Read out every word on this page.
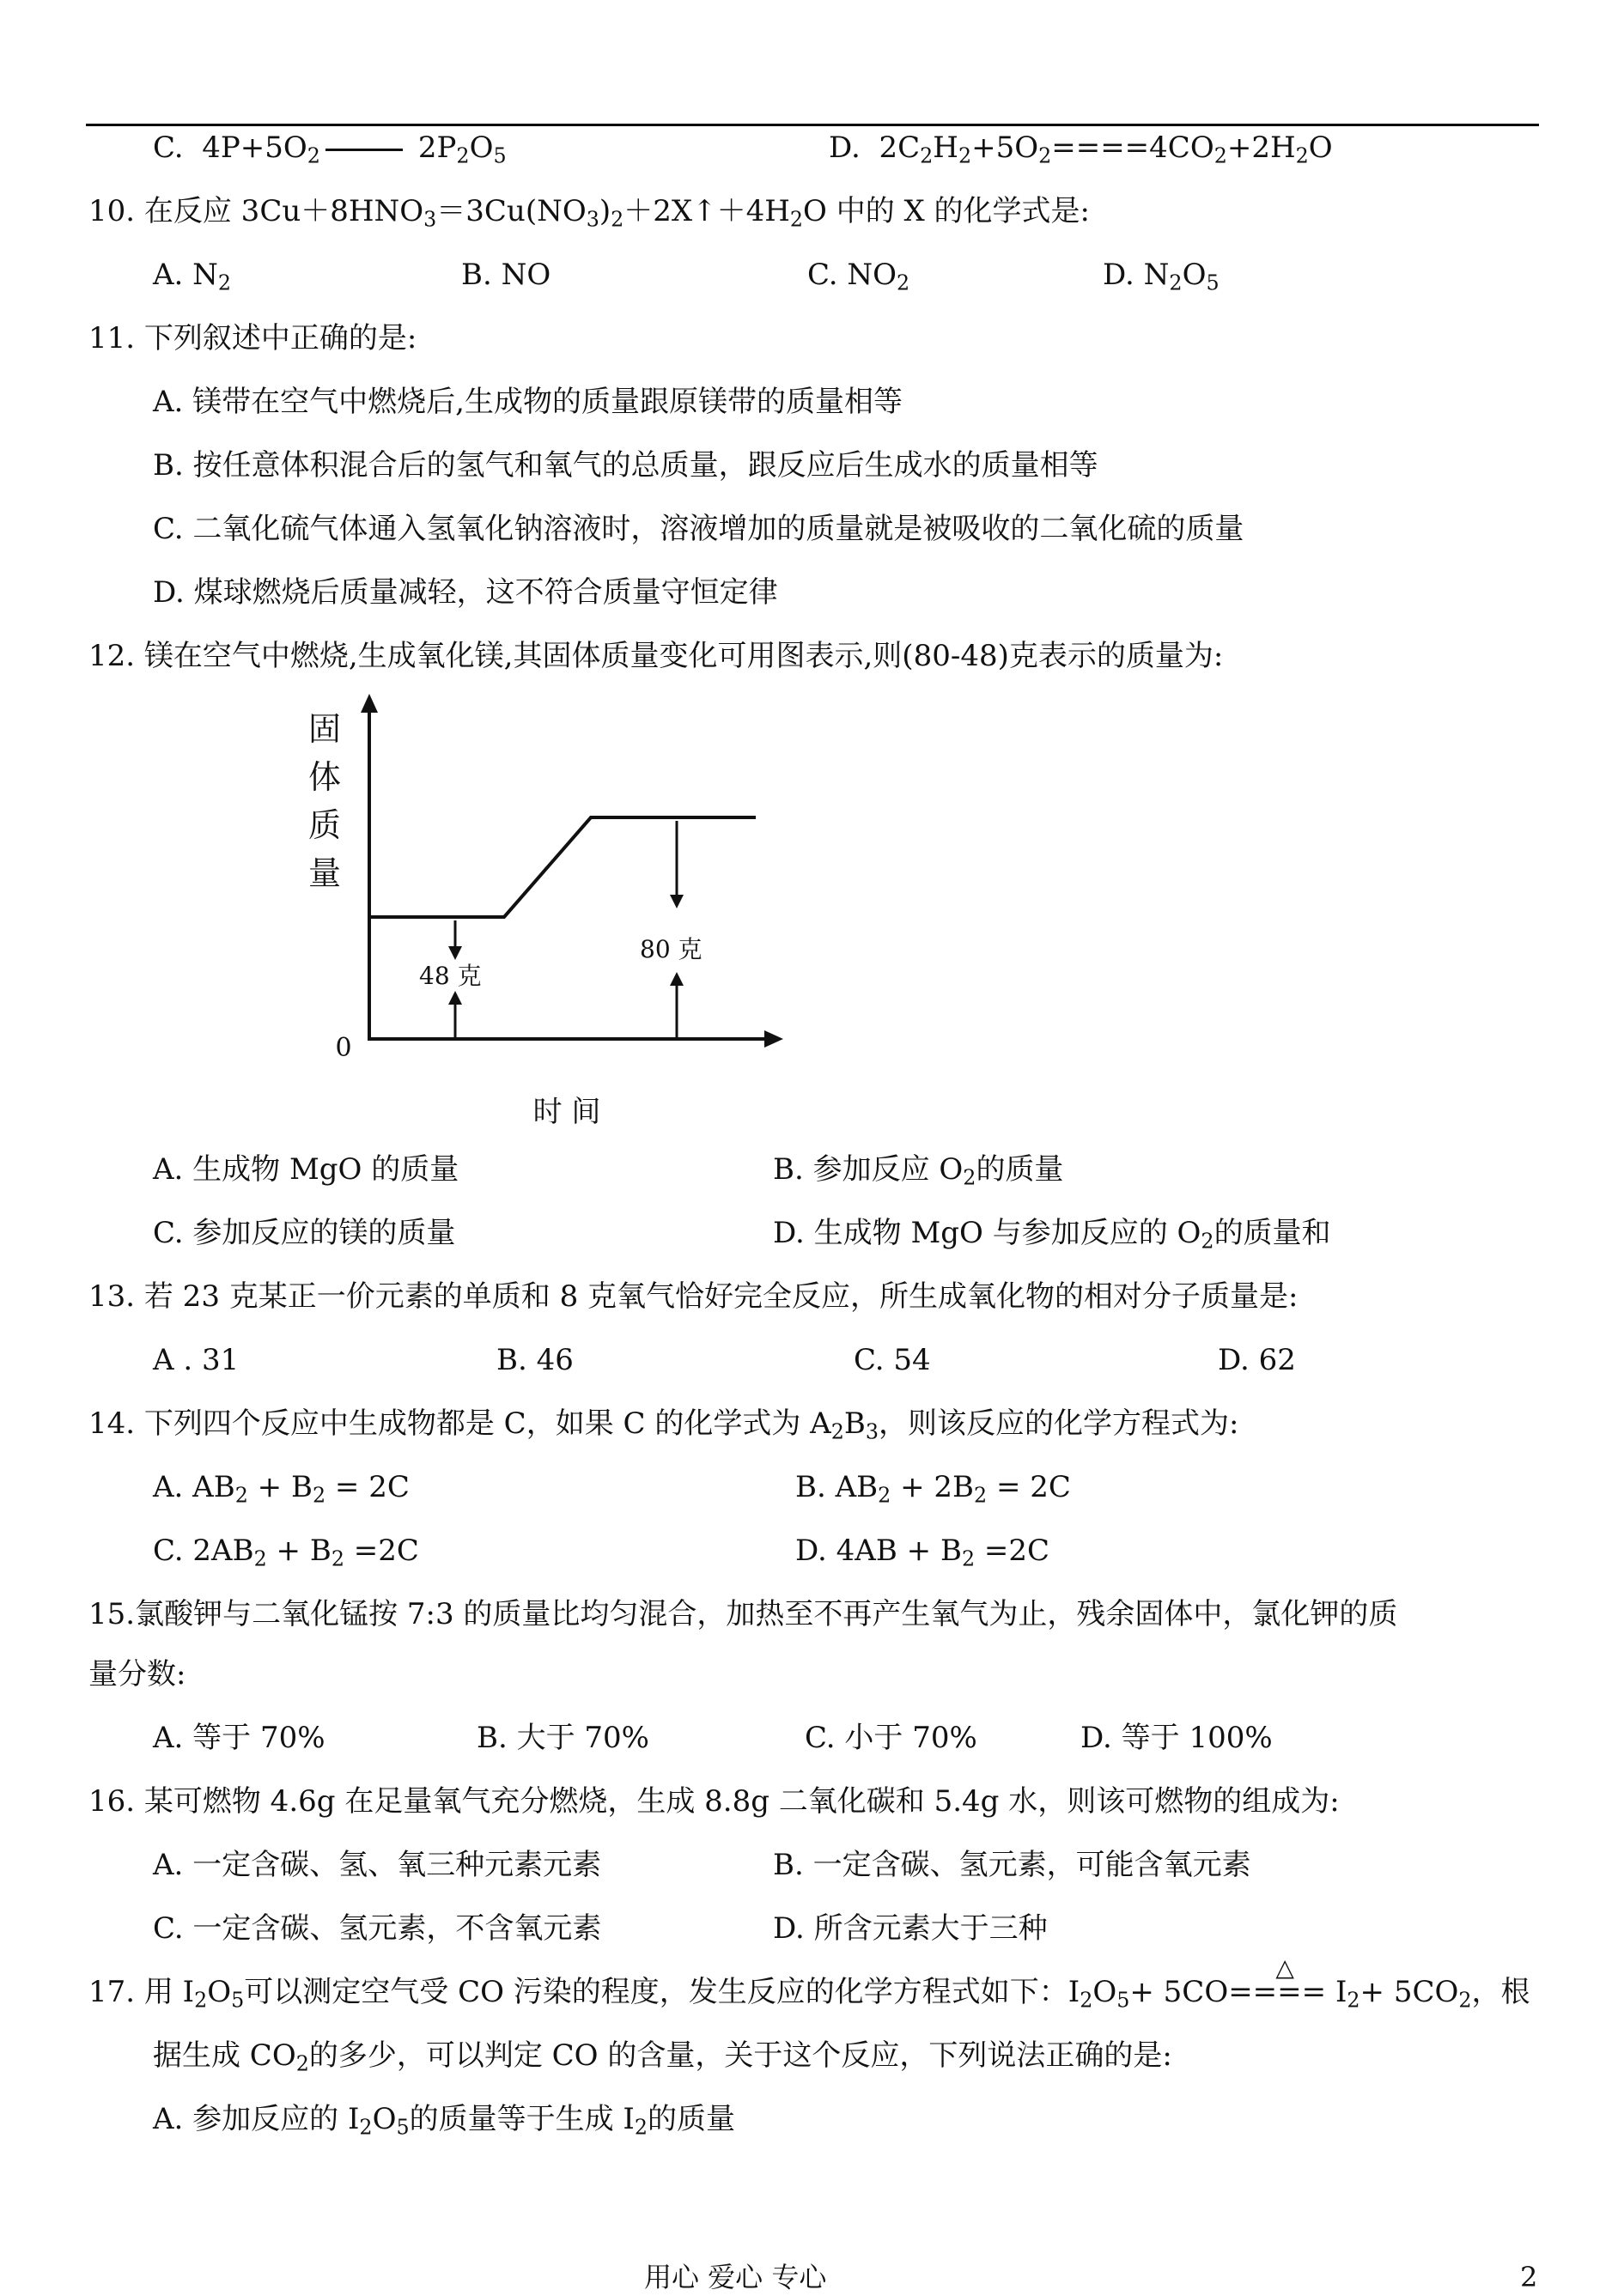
C. $4P+5O_2$	$2P_2O_5$	D. $2C_2H_2+5O_2====4CO_2+2H_2O$
10. 在反应 $3Cu+8HNO_3=3Cu(NO_3)_2+2X↑+4H_2O$ 中的 X 的化学式是:
A. $N_2$	B. NO	C. $NO_2$	D. $N_2O_5$
11. 下列叙述中正确的是:
A. 镁带在空气中燃烧后,生成物的质量跟原镁带的质量相等
B. 按任意体积混合后的氢气和氧气的总质量，跟反应后生成水的质量相等
C. 二氧化硫气体通入氢氧化钠溶液时，溶液增加的质量就是被吸收的二氧化硫的质量
D. 煤球燃烧后质量减轻，这不符合质量守恒定律
12. 镁在空气中燃烧,生成氧化镁,其固体质量变化可用图表示,则(80-48)克表示的质量为:
固
体
质
量
0
48 克
80 克
时 间
A. 生成物 MgO 的质量	B. 参加反应 $O_2$的质量
C. 参加反应的镁的质量	D. 生成物 MgO 与参加反应的 $O_2$的质量和
13. 若 23 克某正一价元素的单质和 8 克氧气恰好完全反应，所生成氧化物的相对分子质量是:
A . 31	B. 46	C. 54	D. 62
14. 下列四个反应中生成物都是 C，如果 C 的化学式为 $A_2B_3$，则该反应的化学方程式为:
A. $AB_2 + B_2 = 2C$	B. $AB_2 + 2B_2 = 2C$
C. $2AB_2 + B_2 =2C$	D. $4AB + B_2 =2C$
15.氯酸钾与二氧化锰按 7:3 的质量比均匀混合，加热至不再产生氧气为止，残余固体中，氯化钾的质
量分数:
A. 等于 70%	B. 大于 70%	C. 小于 70%	D. 等于 100%
16. 某可燃物 4.6g 在足量氧气充分燃烧，生成 8.8g 二氧化碳和 5.4g 水，则该可燃物的组成为:
A. 一定含碳、氢、氧三种元素元素	B. 一定含碳、氢元素，可能含氧元素
C. 一定含碳、氢元素，不含氧元素	D. 所含元素大于三种
17. 用 $I_2O_5$可以测定空气受 CO 污染的程度，发生反应的化学方程式如下：$I_2O_5$
△
+ $5CO==== I_2+ 5CO_2$，根
据生成 $CO_2$的多少，可以判定 CO 的含量，关于这个反应，下列说法正确的是:
A. 参加反应的 $I_2O_5$的质量等于生成 $I_2$的质量
用心 爱心 专心	2
